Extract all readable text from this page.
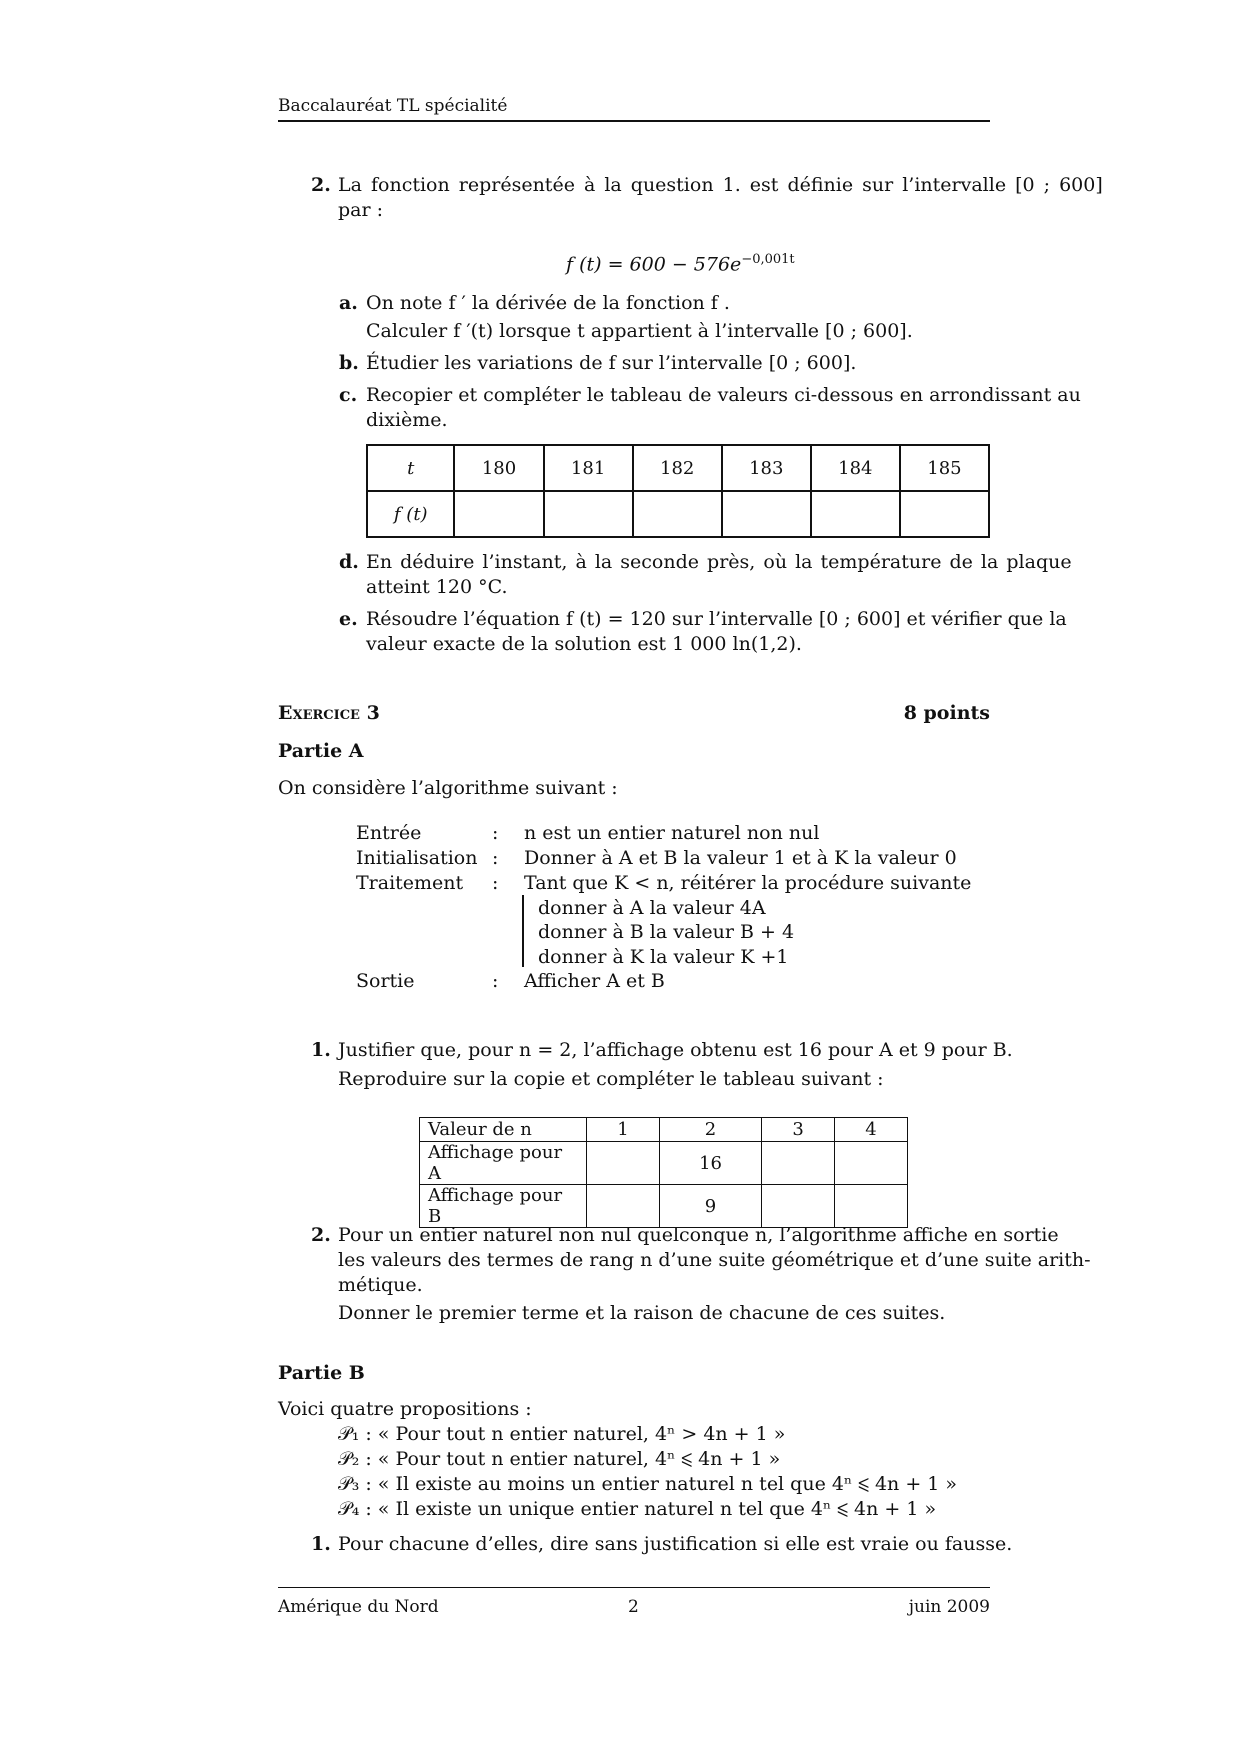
Baccalauréat TL spécialité
2. La fonction représentée à la question 1. est définie sur l’intervalle [0 ; 600]
par :
f $(t) = 600 - 576e^{-0,001t}$
a. On note f ′ la dérivée de la fonction f .
Calculer f ′(t) lorsque t appartient à l’intervalle [0 ; 600].
b. Étudier les variations de f sur l’intervalle [0 ; 600].
c. Recopier et compléter le tableau de valeurs ci-dessous en arrondissant au
dixième.
t	180	181	182	183	184	185
f (t)						
d. En déduire l’instant, à la seconde près, où la température de la plaque
atteint 120 °C.
e. Résoudre l’équation f (t) = 120 sur l’intervalle [0 ; 600] et vérifier que la
valeur exacte de la solution est 1 000 ln(1,2).
Exercice 3	8 points
Partie A
On considère l’algorithme suivant :
Entrée	: n est un entier naturel non nul
Initialisation : Donner à A et B la valeur 1 et à K la valeur 0
Traitement : Tant que K < n, réitérer la procédure suivante
donner à A la valeur 4A
donner à B la valeur B + 4
donner à K la valeur K +1
Sortie	: Afficher A et B
1. Justifier que, pour n = 2, l’affichage obtenu est 16 pour A et 9 pour B.
Reproduire sur la copie et compléter le tableau suivant :
Valeur de n	1	2	3	4
Affichage pour A		16		
Affichage pour B		9		
2. Pour un entier naturel non nul quelconque n, l’algorithme affiche en sortie
les valeurs des termes de rang n d’une suite géométrique et d’une suite arith-
métique.
Donner le premier terme et la raison de chacune de ces suites.
Partie B
Voici quatre propositions :
𝒫₁ : « Pour tout n entier naturel, 4ⁿ > 4n + 1 »
𝒫₂ : « Pour tout n entier naturel, 4ⁿ ⩽ 4n + 1 »
𝒫₃ : « Il existe au moins un entier naturel n tel que 4ⁿ ⩽ 4n + 1 »
𝒫₄ : « Il existe un unique entier naturel n tel que 4ⁿ ⩽ 4n + 1 »
1. Pour chacune d’elles, dire sans justification si elle est vraie ou fausse.
Amérique du Nord	2	juin 2009
